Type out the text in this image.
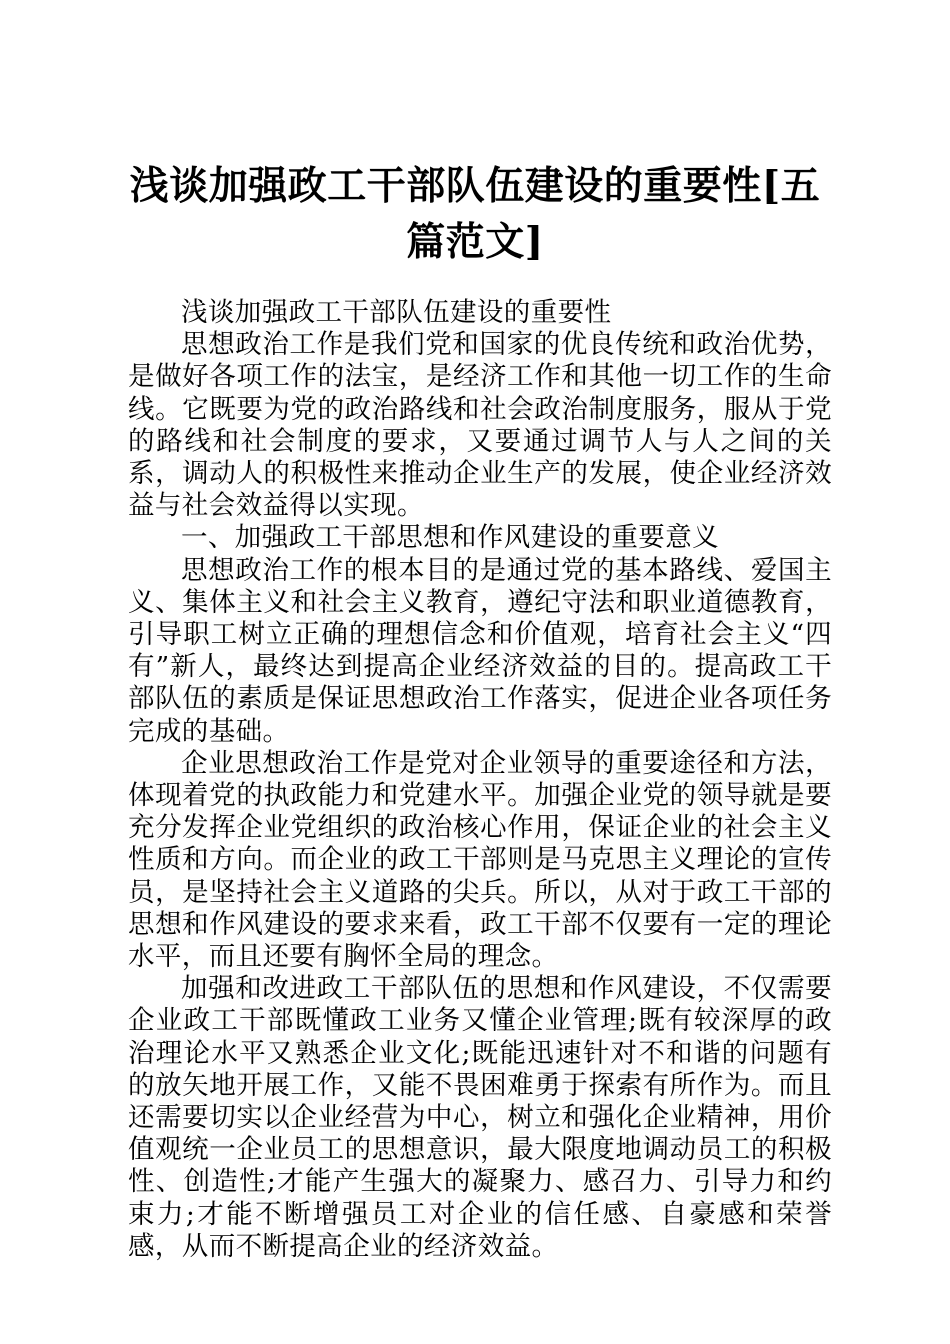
浅谈加强政工干部队伍建设的重要性[五篇范文]

浅谈加强政工干部队伍建设的重要性

思想政治工作是我们党和国家的优良传统和政治优势，是做好各项工作的法宝，是经济工作和其他一切工作的生命线。它既要为党的政治路线和社会政治制度服务，服从于党的路线和社会制度的要求，又要通过调节人与人之间的关系，调动人的积极性来推动企业生产的发展，使企业经济效益与社会效益得以实现。

一、加强政工干部思想和作风建设的重要意义

思想政治工作的根本目的是通过党的基本路线、爱国主义、集体主义和社会主义教育，遵纪守法和职业道德教育，引导职工树立正确的理想信念和价值观，培育社会主义“四有”新人，最终达到提高企业经济效益的目的。提高政工干部队伍的素质是保证思想政治工作落实，促进企业各项任务完成的基础。

企业思想政治工作是党对企业领导的重要途径和方法，体现着党的执政能力和党建水平。加强企业党的领导就是要充分发挥企业党组织的政治核心作用，保证企业的社会主义性质和方向。而企业的政工干部则是马克思主义理论的宣传员，是坚持社会主义道路的尖兵。所以，从对于政工干部的思想和作风建设的要求来看，政工干部不仅要有一定的理论水平，而且还要有胸怀全局的理念。

加强和改进政工干部队伍的思想和作风建设，不仅需要企业政工干部既懂政工业务又懂企业管理;既有较深厚的政治理论水平又熟悉企业文化;既能迅速针对不和谐的问题有的放矢地开展工作，又能不畏困难勇于探索有所作为。而且还需要切实以企业经营为中心，树立和强化企业精神，用价值观统一企业员工的思想意识，最大限度地调动员工的积极性、创造性;才能产生强大的凝聚力、感召力、引导力和约束力;才能不断增强员工对企业的信任感、自豪感和荣誉感，从而不断提高企业的经济效益。
